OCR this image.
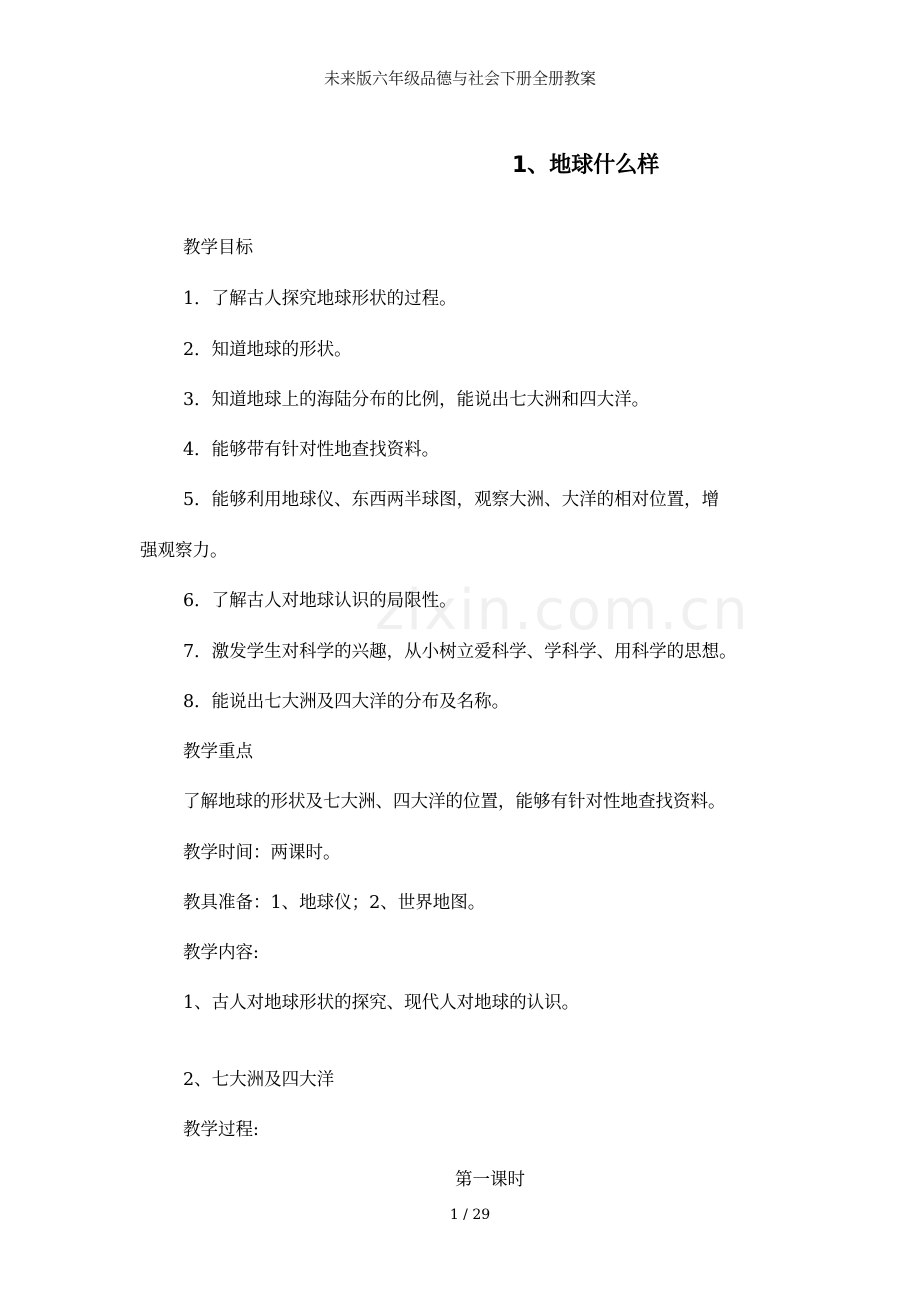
未来版六年级品德与社会下册全册教案
1、地球什么样
教学目标
1．了解古人探究地球形状的过程。
2．知道地球的形状。
3．知道地球上的海陆分布的比例，能说出七大洲和四大洋。
4．能够带有针对性地查找资料。
5．能够利用地球仪、东西两半球图，观察大洲、大洋的相对位置，增
强观察力。
6．了解古人对地球认识的局限性。
7．激发学生对科学的兴趣，从小树立爱科学、学科学、用科学的思想。
8．能说出七大洲及四大洋的分布及名称。
教学重点
了解地球的形状及七大洲、四大洋的位置，能够有针对性地查找资料。
教学时间：两课时。
教具准备：1、地球仪；2、世界地图。
教学内容:
1、古人对地球形状的探究、现代人对地球的认识。
2、七大洲及四大洋
教学过程:
第一课时
zixin.com.cn
1 / 29
